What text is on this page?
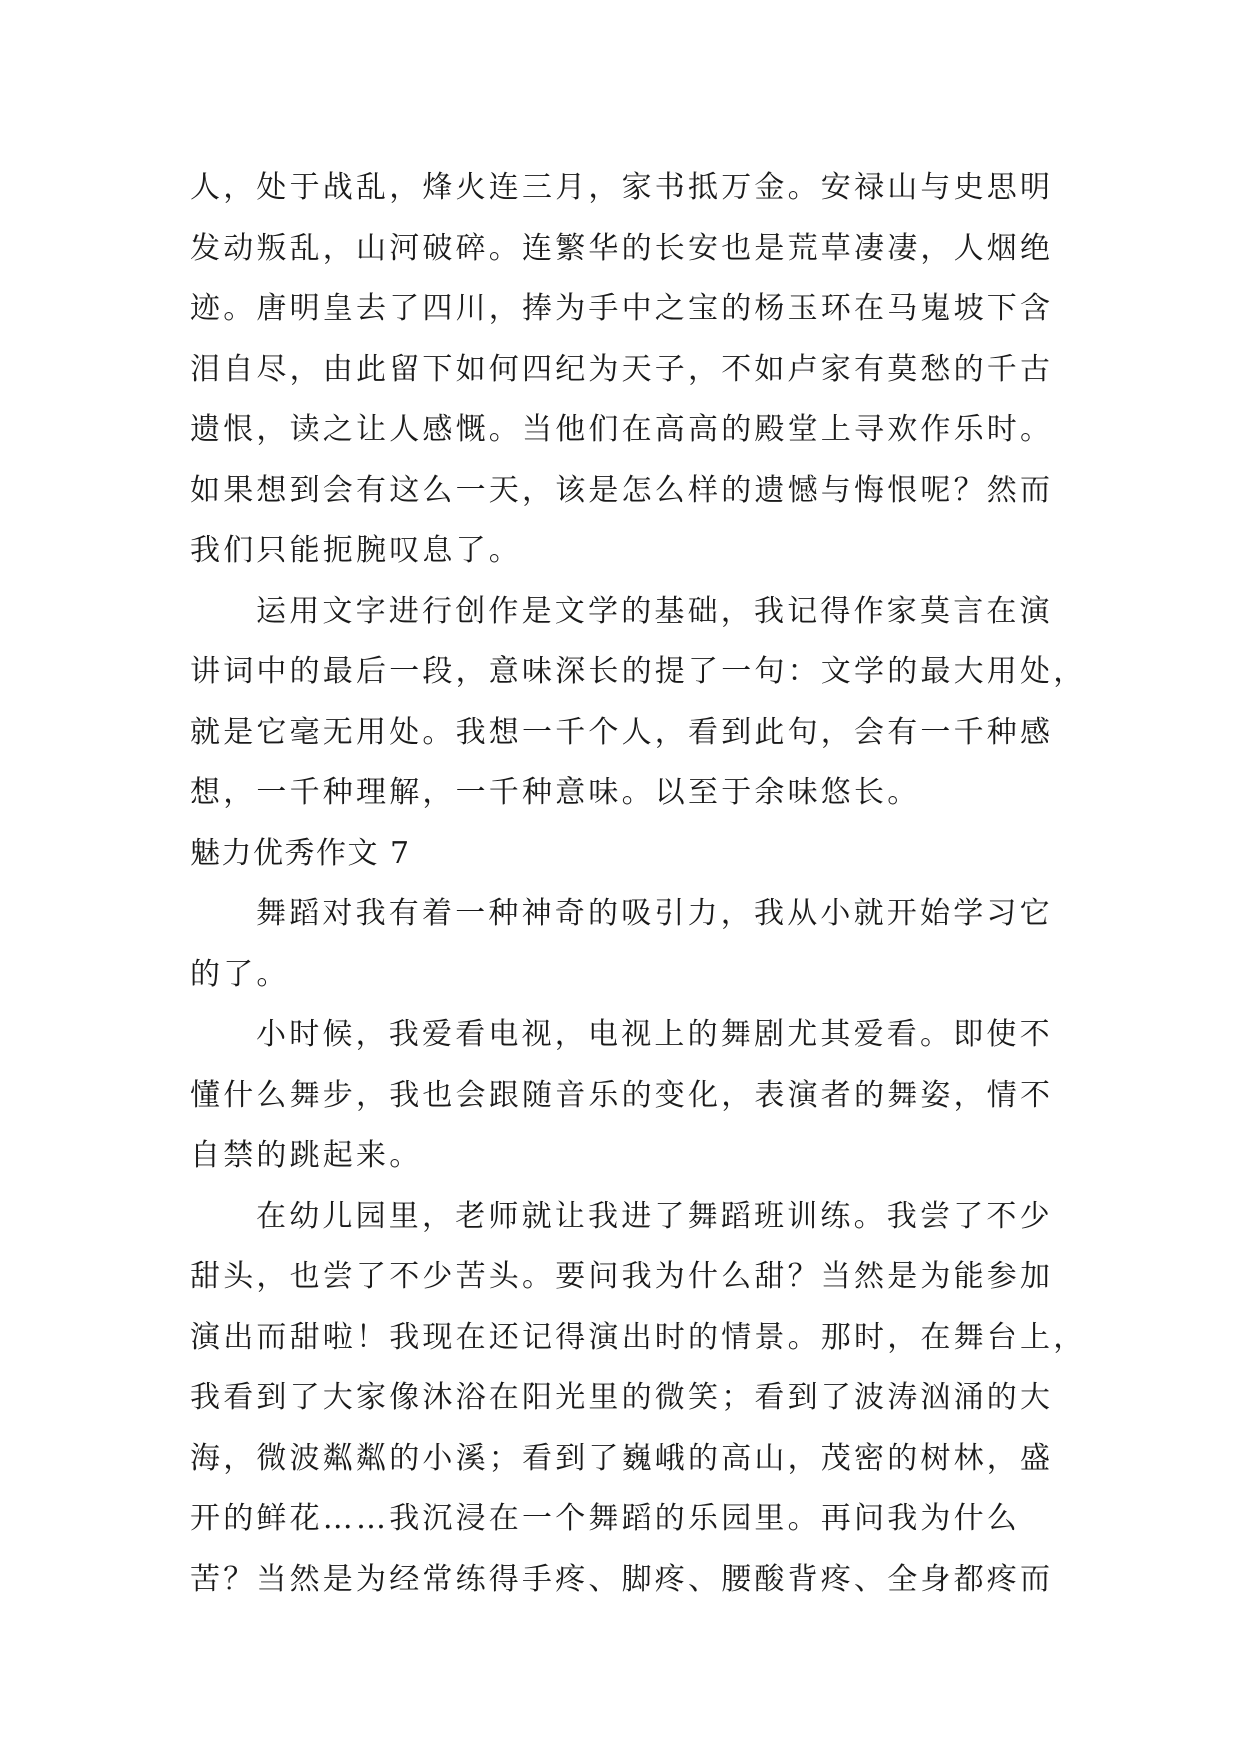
人，处于战乱，烽火连三月，家书抵万金。安禄山与史思明
发动叛乱，山河破碎。连繁华的长安也是荒草凄凄，人烟绝
迹。唐明皇去了四川，捧为手中之宝的杨玉环在马嵬坡下含
泪自尽，由此留下如何四纪为天子，不如卢家有莫愁的千古
遗恨，读之让人感慨。当他们在高高的殿堂上寻欢作乐时。
如果想到会有这么一天，该是怎么样的遗憾与悔恨呢？然而
我们只能扼腕叹息了。
运用文字进行创作是文学的基础，我记得作家莫言在演
讲词中的最后一段，意味深长的提了一句：文学的最大用处，
就是它毫无用处。我想一千个人，看到此句，会有一千种感
想，一千种理解，一千种意味。以至于余味悠长。
魅力优秀作文 7
舞蹈对我有着一种神奇的吸引力，我从小就开始学习它
的了。
小时候，我爱看电视，电视上的舞剧尤其爱看。即使不
懂什么舞步，我也会跟随音乐的变化，表演者的舞姿，情不
自禁的跳起来。
在幼儿园里，老师就让我进了舞蹈班训练。我尝了不少
甜头，也尝了不少苦头。要问我为什么甜？当然是为能参加
演出而甜啦！我现在还记得演出时的情景。那时，在舞台上，
我看到了大家像沐浴在阳光里的微笑；看到了波涛汹涌的大
海，微波粼粼的小溪；看到了巍峨的高山，茂密的树林，盛
开的鲜花……我沉浸在一个舞蹈的乐园里。再问我为什么
苦？当然是为经常练得手疼、脚疼、腰酸背疼、全身都疼而
